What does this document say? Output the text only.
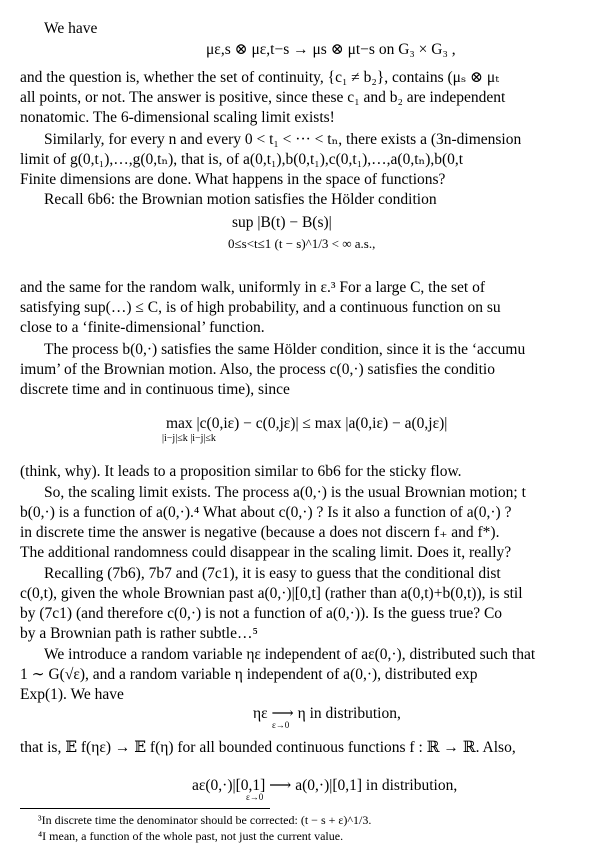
We have
and the question is, whether the set of continuity, {c₁ ≠ b₂}, contains (μₛ ⊗ μₜ
all points, or not. The answer is positive, since these c₁ and b₂ are independent
nonatomic. The 6-dimensional scaling limit exists!
Similarly, for every n and every 0 < t₁ < ··· < tₙ, there exists a (3n-dimension
limit of g(0,t₁),…,g(0,tₙ), that is, of a(0,t₁),b(0,t₁),c(0,t₁),…,a(0,tₙ),b(0,t
Finite dimensions are done. What happens in the space of functions?
Recall 6b6: the Brownian motion satisfies the Hölder condition
and the same for the random walk, uniformly in ε.³ For a large C, the set of
satisfying sup(…) ≤ C, is of high probability, and a continuous function on su
close to a ‘finite-dimensional’ function.
The process b(0,·) satisfies the same Hölder condition, since it is the ‘accumu
imum’ of the Brownian motion. Also, the process c(0,·) satisfies the conditio
discrete time and in continuous time), since
(think, why). It leads to a proposition similar to 6b6 for the sticky flow.
So, the scaling limit exists. The process a(0,·) is the usual Brownian motion; t
b(0,·) is a function of a(0,·).⁴ What about c(0,·) ? Is it also a function of a(0,·) ?
in discrete time the answer is negative (because a does not discern f₊ and f*).
The additional randomness could disappear in the scaling limit. Does it, really?
Recalling (7b6), 7b7 and (7c1), it is easy to guess that the conditional dist
c(0,t), given the whole Brownian past a(0,·)|[0,t] (rather than a(0,t)+b(0,t)), is stil
by (7c1) (and therefore c(0,·) is not a function of a(0,·)). Is the guess true? Co
by a Brownian path is rather subtle…⁵
We introduce a random variable ηε independent of aε(0,·), distributed such that
1 ∼ G(√ε), and a random variable η independent of a(0,·), distributed exp
Exp(1). We have
that is, 𝔼 f(ηε) → 𝔼 f(η) for all bounded continuous functions f : ℝ → ℝ. Also,
με,s ⊗ με,t−s → μs ⊗ μt−s on G₃ × G₃ ,
sup |B(t) − B(s)|
0≤s<t≤1 (t − s)^1/3 < ∞ a.s.,
max |c(0,iε) − c(0,jε)| ≤ max |a(0,iε) − a(0,jε)|
|i−j|≤k |i−j|≤k
ηε ⟶ η in distribution,
ε→0
aε(0,·)|[0,1] ⟶ a(0,·)|[0,1] in distribution,
ε→0
³In discrete time the denominator should be corrected: (t − s + ε)^1/3.
⁴I mean, a function of the whole past, not just the current value.
